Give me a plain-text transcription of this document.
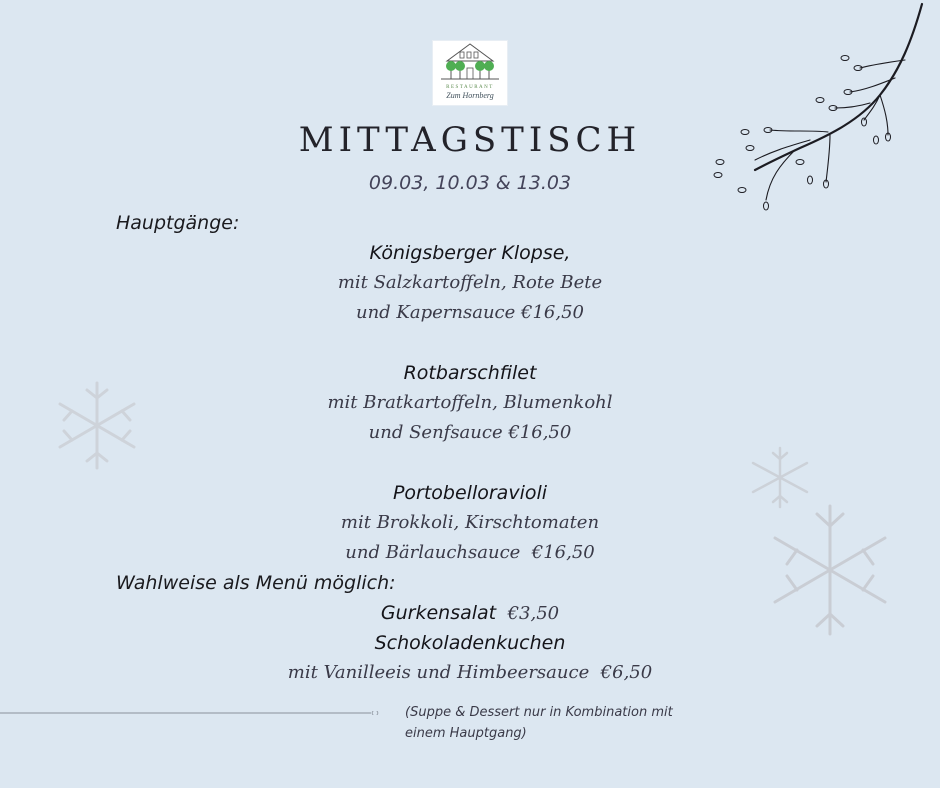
RESTAURANT
Zum Hornberg
MITTAGSTISCH
09.03, 10.03 & 13.03
Hauptgänge:
Königsberger Klopse,
mit Salzkartoffeln, Rote Bete
und Kapernsauce €16,50
Rotbarschfilet
mit Bratkartoffeln, Blumenkohl
und Senfsauce €16,50
Portobelloravioli
mit Brokkoli, Kirschtomaten
und Bärlauchsauce  €16,50
Wahlweise als Menü möglich:
Gurkensalat €3,50
Schokoladenkuchen
mit Vanilleeis und Himbeersauce  €6,50
(Suppe & Dessert nur in Kombination mit einem Hauptgang)
